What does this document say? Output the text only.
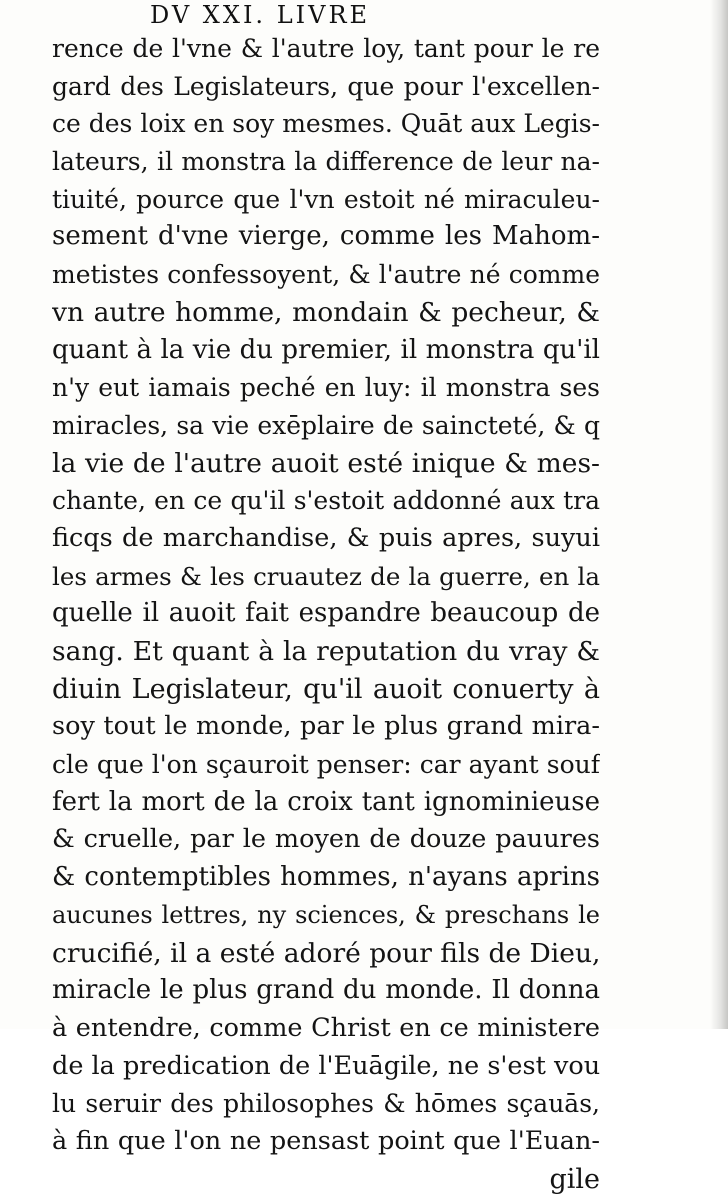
DV XXI. LIVRE
rence de l'vne & l'autre loy, tant pour le re
gard des Legislateurs, que pour l'excellen-
ce des loix en soy mesmes. Quāt aux Legis-
lateurs, il monstra la difference de leur na-
tiuité, pource que l'vn estoit né miraculeu-
sement d'vne vierge, comme les Mahom-
metistes confessoyent, & l'autre né comme
vn autre homme, mondain & pecheur, &
quant à la vie du premier, il monstra qu'il
n'y eut iamais peché en luy: il monstra ses
miracles, sa vie exēplaire de saincteté, & q
la vie de l'autre auoit esté inique & mes-
chante, en ce qu'il s'estoit addonné aux tra
ficqs de marchandise, & puis apres, suyui
les armes & les cruautez de la guerre, en la
quelle il auoit fait espandre beaucoup de
sang. Et quant à la reputation du vray &
diuin Legislateur, qu'il auoit conuerty à
soy tout le monde, par le plus grand mira-
cle que l'on sçauroit penser: car ayant souf
fert la mort de la croix tant ignominieuse
& cruelle, par le moyen de douze pauures
& contemptibles hommes, n'ayans aprins
aucunes lettres, ny sciences, & preschans le
crucifié, il a esté adoré pour fils de Dieu,
miracle le plus grand du monde. Il donna
à entendre, comme Christ en ce ministere
de la predication de l'Euāgile, ne s'est vou
lu seruir des philosophes & hōmes sçauās,
à fin que l'on ne pensast point que l'Euan-
gile
